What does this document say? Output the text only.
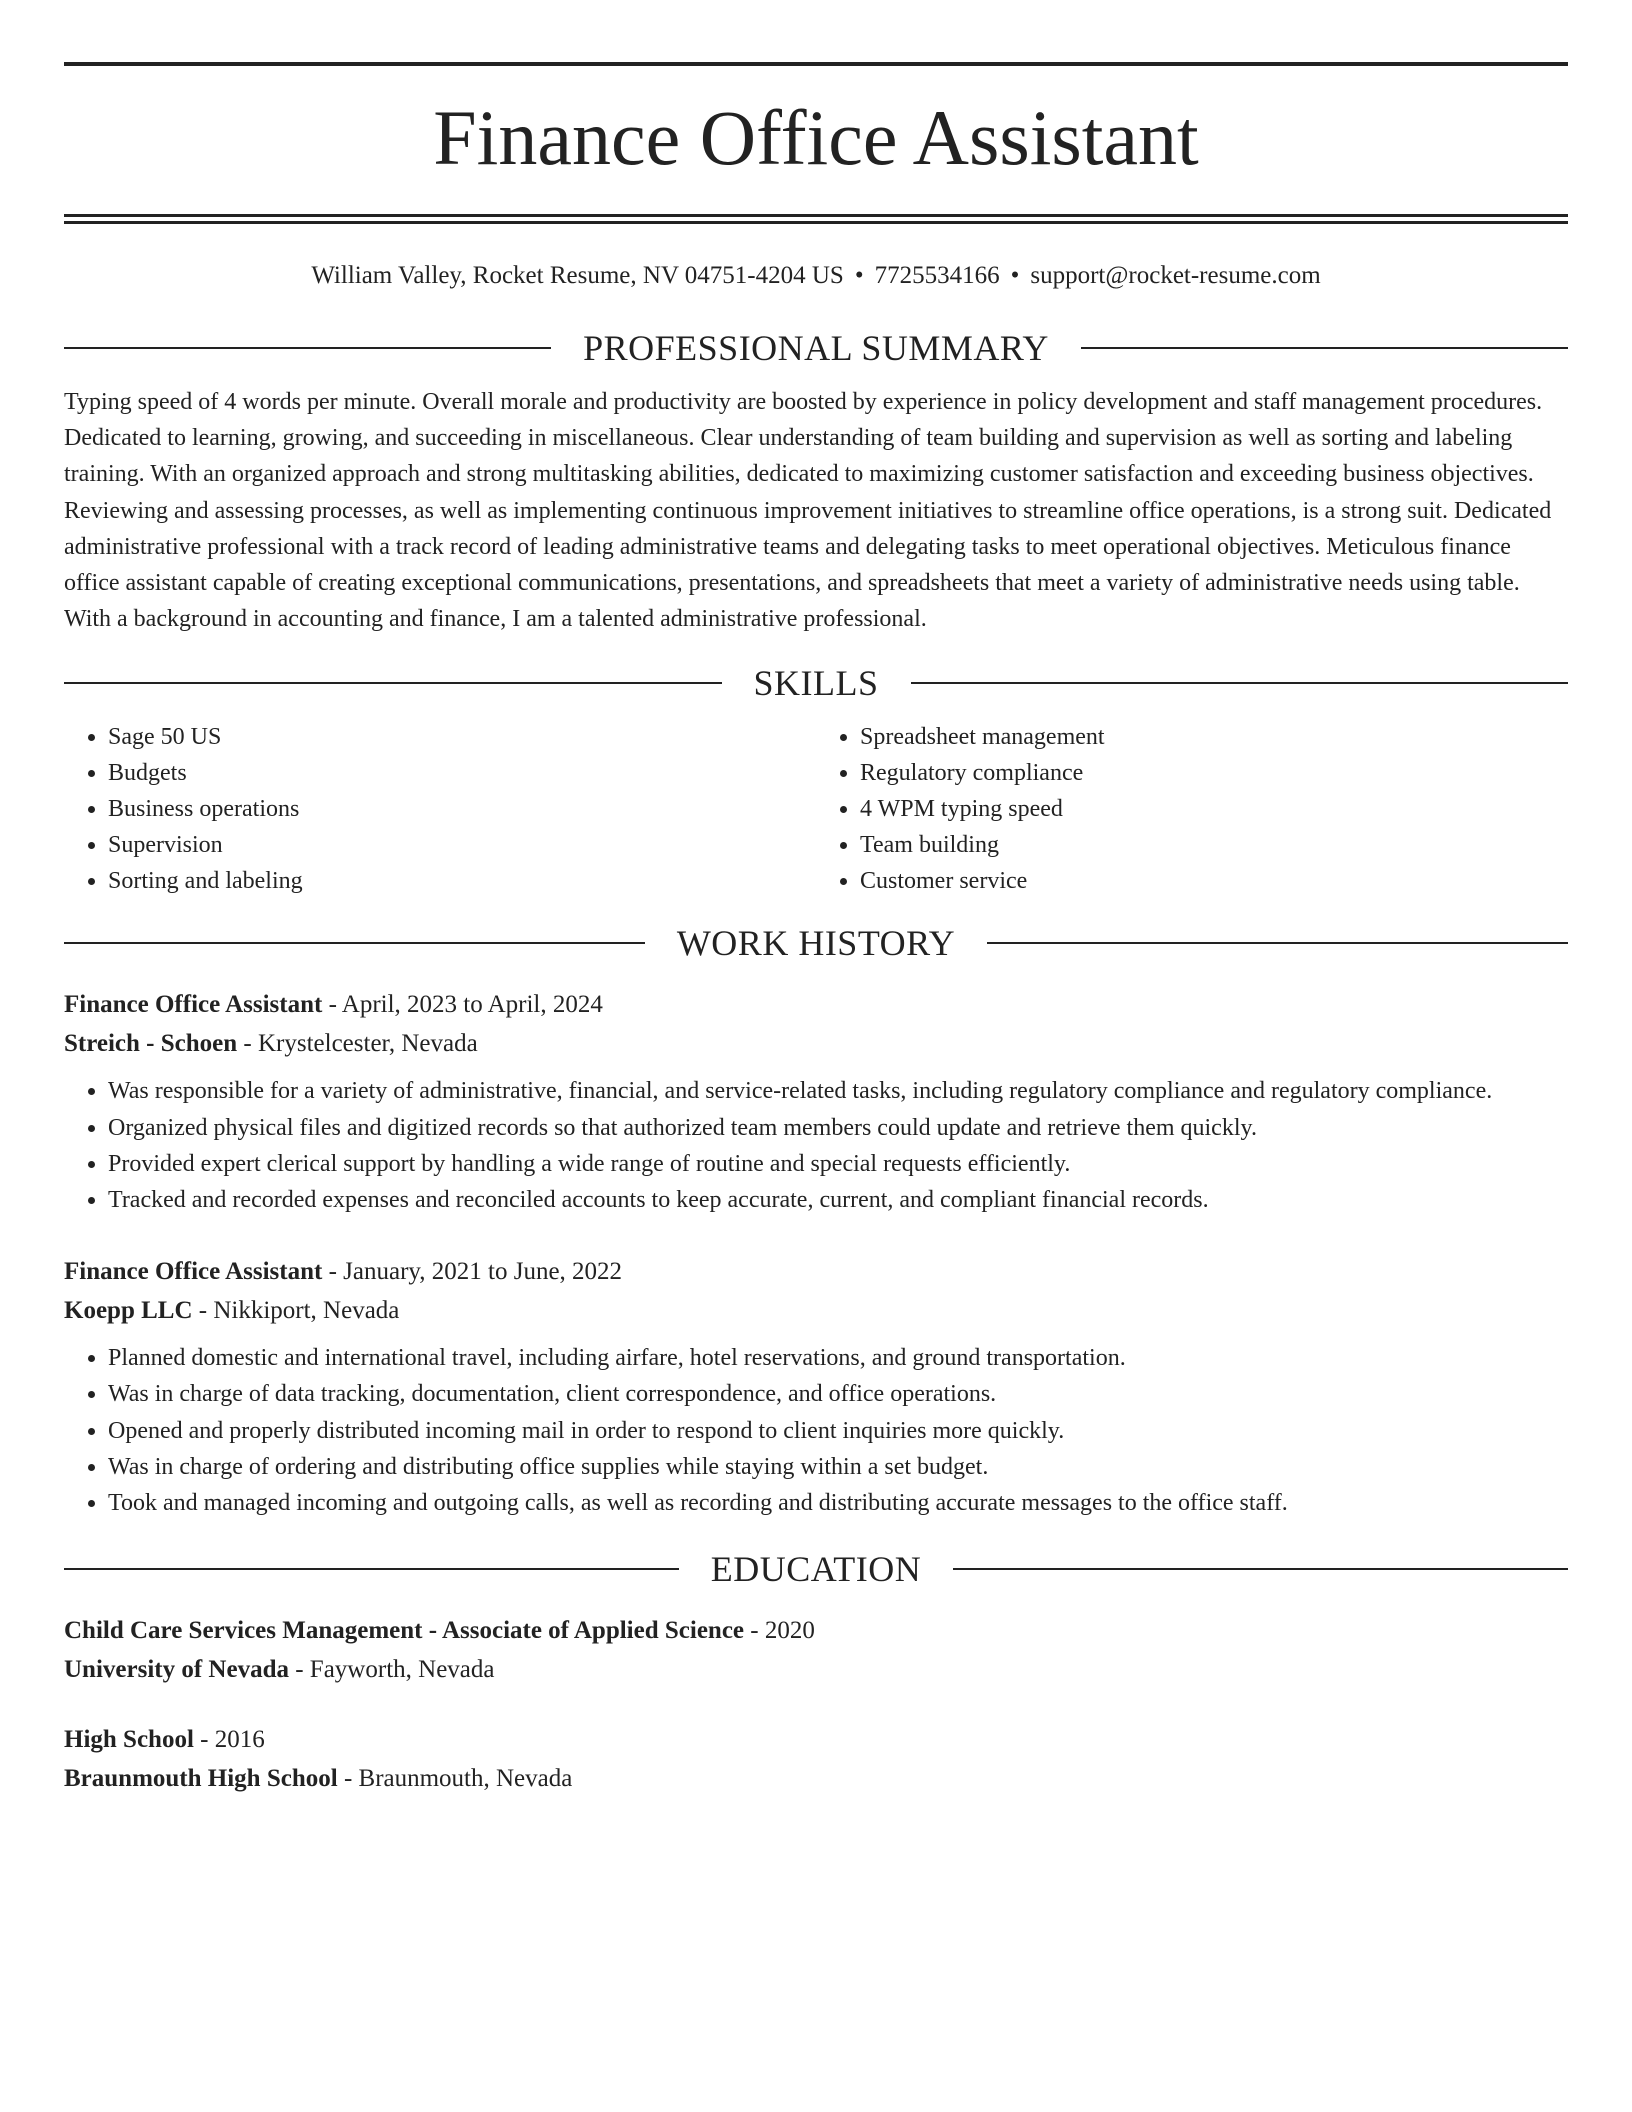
Finance Office Assistant
William Valley, Rocket Resume, NV 04751-4204 US • 7725534166 • support@rocket-resume.com
PROFESSIONAL SUMMARY
Typing speed of 4 words per minute. Overall morale and productivity are boosted by experience in policy development and staff management procedures. Dedicated to learning, growing, and succeeding in miscellaneous. Clear understanding of team building and supervision as well as sorting and labeling training. With an organized approach and strong multitasking abilities, dedicated to maximizing customer satisfaction and exceeding business objectives. Reviewing and assessing processes, as well as implementing continuous improvement initiatives to streamline office operations, is a strong suit. Dedicated administrative professional with a track record of leading administrative teams and delegating tasks to meet operational objectives. Meticulous finance office assistant capable of creating exceptional communications, presentations, and spreadsheets that meet a variety of administrative needs using table. With a background in accounting and finance, I am a talented administrative professional.
SKILLS
• Sage 50 US
• Budgets
• Business operations
• Supervision
• Sorting and labeling
• Spreadsheet management
• Regulatory compliance
• 4 WPM typing speed
• Team building
• Customer service
WORK HISTORY
Finance Office Assistant - April, 2023 to April, 2024
Streich - Schoen - Krystelcester, Nevada
• Was responsible for a variety of administrative, financial, and service-related tasks, including regulatory compliance and regulatory compliance.
• Organized physical files and digitized records so that authorized team members could update and retrieve them quickly.
• Provided expert clerical support by handling a wide range of routine and special requests efficiently.
• Tracked and recorded expenses and reconciled accounts to keep accurate, current, and compliant financial records.
Finance Office Assistant - January, 2021 to June, 2022
Koepp LLC - Nikkiport, Nevada
• Planned domestic and international travel, including airfare, hotel reservations, and ground transportation.
• Was in charge of data tracking, documentation, client correspondence, and office operations.
• Opened and properly distributed incoming mail in order to respond to client inquiries more quickly.
• Was in charge of ordering and distributing office supplies while staying within a set budget.
• Took and managed incoming and outgoing calls, as well as recording and distributing accurate messages to the office staff.
EDUCATION
Child Care Services Management - Associate of Applied Science - 2020
University of Nevada - Fayworth, Nevada
High School - 2016
Braunmouth High School - Braunmouth, Nevada
